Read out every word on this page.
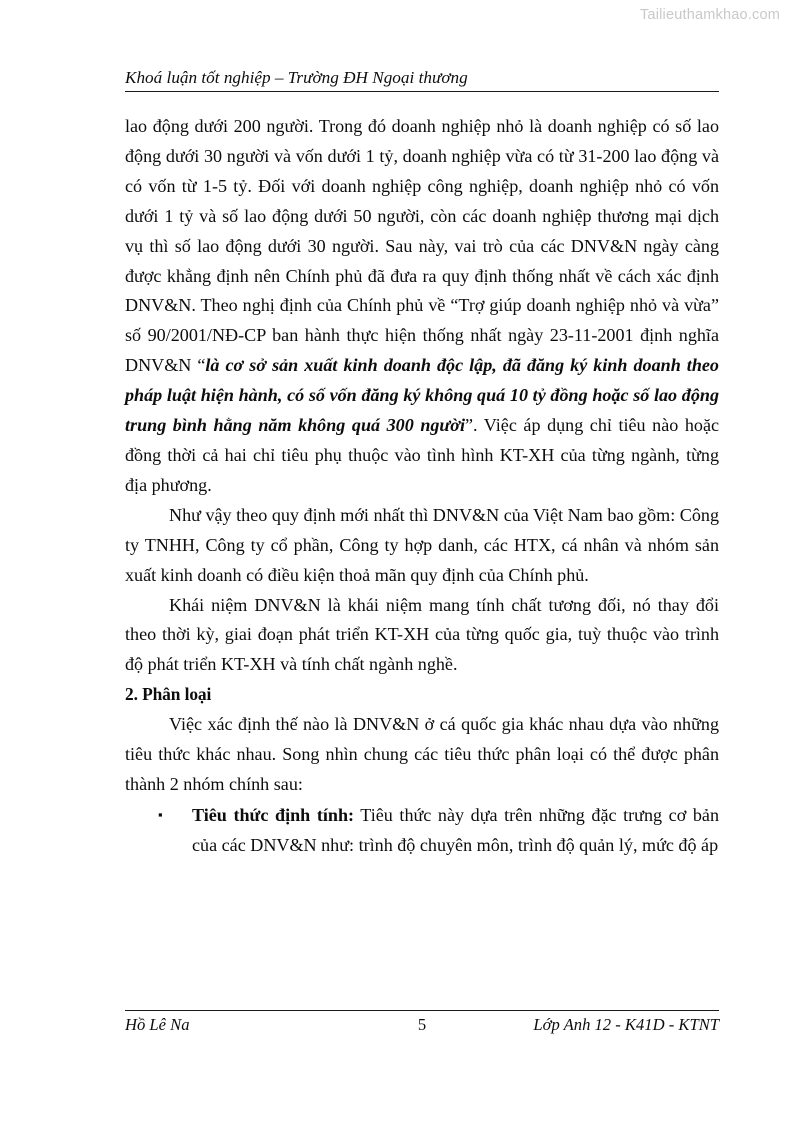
Tailieuthamkhao.com
Khoá luận tốt nghiệp – Trường ĐH Ngoại thương

lao động dưới 200 người. Trong đó doanh nghiệp nhỏ là doanh nghiệp có số lao động dưới 30 người và vốn dưới 1 tỷ, doanh nghiệp vừa có từ 31-200 lao động và có vốn từ 1-5 tỷ. Đối với doanh nghiệp công nghiệp, doanh nghiệp nhỏ có vốn dưới 1 tỷ và số lao động dưới 50 người, còn các doanh nghiệp thương mại dịch vụ thì số lao động dưới 30 người. Sau này, vai trò của các DNV&N ngày càng được khẳng định nên Chính phủ đã đưa ra quy định thống nhất về cách xác định DNV&N. Theo nghị định của Chính phủ về “Trợ giúp doanh nghiệp nhỏ và vừa” số 90/2001/NĐ-CP ban hành thực hiện thống nhất ngày 23-11-2001 định nghĩa DNV&N “là cơ sở sản xuất kinh doanh độc lập, đã đăng ký kinh doanh theo pháp luật hiện hành, có số vốn đăng ký không quá 10 tỷ đồng hoặc số lao động trung bình hằng năm không quá 300 người”. Việc áp dụng chỉ tiêu nào hoặc đồng thời cả hai chỉ tiêu phụ thuộc vào tình hình KT-XH của từng ngành, từng địa phương.

Như vậy theo quy định mới nhất thì DNV&N của Việt Nam bao gồm: Công ty TNHH, Công ty cổ phần, Công ty hợp danh, các HTX, cá nhân và nhóm sản xuất kinh doanh có điều kiện thoả mãn quy định của Chính phủ.

Khái niệm DNV&N là khái niệm mang tính chất tương đối, nó thay đổi theo thời kỳ, giai đoạn phát triển KT-XH của từng quốc gia, tuỳ thuộc vào trình độ phát triển KT-XH và tính chất ngành nghề.

2. Phân loại

Việc xác định thế nào là DNV&N ở cá quốc gia khác nhau dựa vào những tiêu thức khác nhau. Song nhìn chung các tiêu thức phân loại có thể được phân thành 2 nhóm chính sau:

▪ Tiêu thức định tính: Tiêu thức này dựa trên những đặc trưng cơ bản của các DNV&N như: trình độ chuyên môn, trình độ quản lý, mức độ áp
Hồ Lê Na	5	Lớp Anh 12 - K41D - KTNT
